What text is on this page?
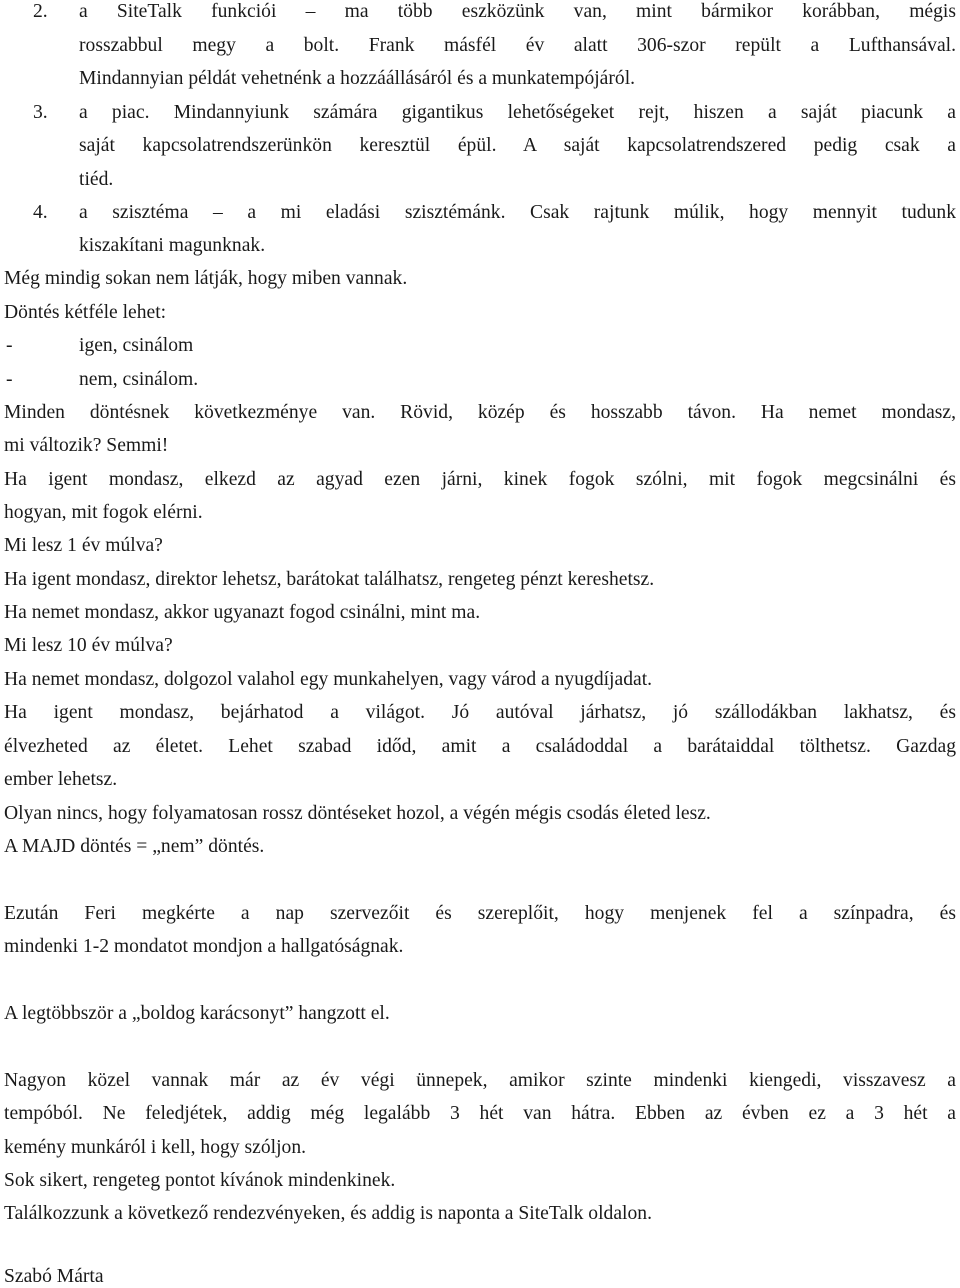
2.	a SiteTalk funkciói – ma több eszközünk van, mint bármikor korábban, mégis
rosszabbul megy a bolt. Frank másfél év alatt 306-szor repült a Lufthansával.
Mindannyian példát vehetnénk a hozzáállásáról és a munkatempójáról.
3.	a piac. Mindannyiunk számára gigantikus lehetőségeket rejt, hiszen a saját piacunk a
saját kapcsolatrendszerünkön keresztül épül. A saját kapcsolatrendszered pedig csak a
tiéd.
4.	a szisztéma – a mi eladási szisztémánk. Csak rajtunk múlik, hogy mennyit tudunk
kiszakítani magunknak.
Még mindig sokan nem látják, hogy miben vannak.
Döntés kétféle lehet:
-	igen, csinálom
-	nem, csinálom.
Minden döntésnek következménye van. Rövid, közép és hosszabb távon. Ha nemet mondasz,
mi változik? Semmi!
Ha igent mondasz, elkezd az agyad ezen járni, kinek fogok szólni, mit fogok megcsinálni és
hogyan, mit fogok elérni.
Mi lesz 1 év múlva?
Ha igent mondasz, direktor lehetsz, barátokat találhatsz, rengeteg pénzt kereshetsz.
Ha nemet mondasz, akkor ugyanazt fogod csinálni, mint ma.
Mi lesz 10 év múlva?
Ha nemet mondasz, dolgozol valahol egy munkahelyen, vagy várod a nyugdíjadat.
Ha igent mondasz, bejárhatod a világot. Jó autóval járhatsz, jó szállodákban lakhatsz, és
élvezheted az életet. Lehet szabad időd, amit a családoddal a barátaiddal tölthetsz. Gazdag
ember lehetsz.
Olyan nincs, hogy folyamatosan rossz döntéseket hozol, a végén mégis csodás életed lesz.
A MAJD döntés = „nem” döntés.
Ezután Feri megkérte a nap szervezőit és szereplőit, hogy menjenek fel a színpadra, és
mindenki 1-2 mondatot mondjon a hallgatóságnak.
A legtöbbször a „boldog karácsonyt” hangzott el.
Nagyon közel vannak már az év végi ünnepek, amikor szinte mindenki kiengedi, visszavesz a
tempóból. Ne feledjétek, addig még legalább 3 hét van hátra. Ebben az évben ez a 3 hét a
kemény munkáról i kell, hogy szóljon.
Sok sikert, rengeteg pontot kívánok mindenkinek.
Találkozzunk a következő rendezvényeken, és addig is naponta a SiteTalk oldalon.
Szabó Márta
